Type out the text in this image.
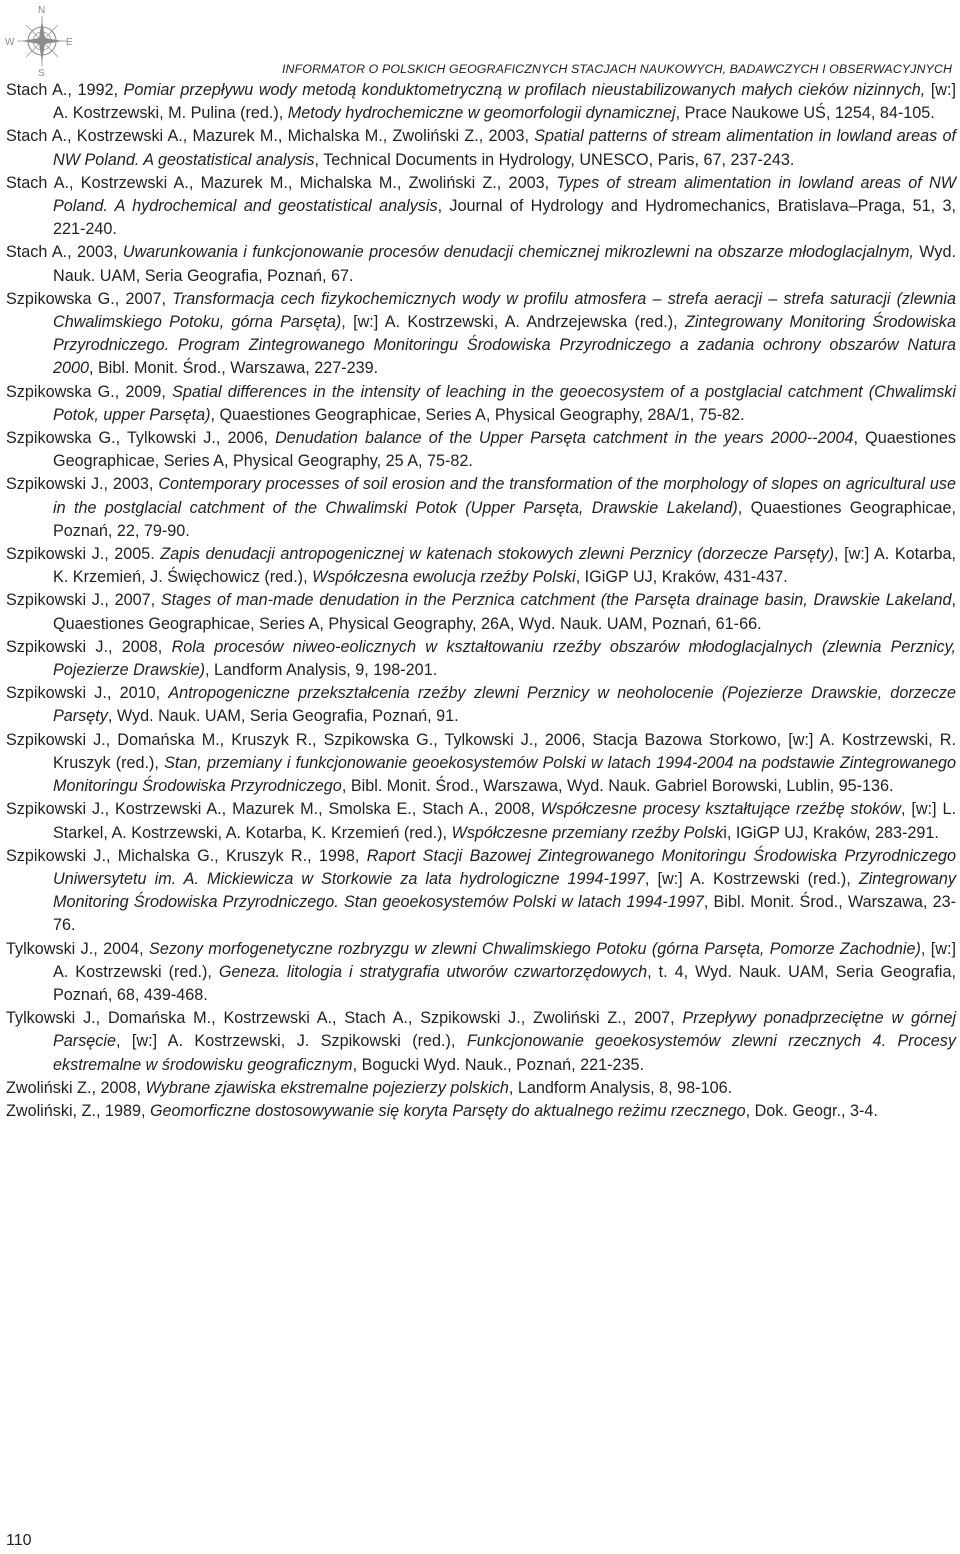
N
W	E
S	INFORMATOR O POLSKICH GEOGRAFICZNYCH STACJACH NAUKOWYCH, BADAWCZYCH I OBSERWACYJNYCH

Stach A., 1992, Pomiar przepływu wody metodą konduktometryczną w profilach nieustabilizowanych małych cieków nizinnych, [w:] A. Kostrzewski, M. Pulina (red.), Metody hydrochemiczne w geomorfologii dynamicznej, Prace Naukowe UŚ, 1254, 84-105.

Stach A., Kostrzewski A., Mazurek M., Michalska M., Zwoliński Z., 2003, Spatial patterns of stream alimentation in lowland areas of NW Poland. A geostatistical analysis, Technical Documents in Hydrology, UNESCO, Paris, 67, 237-243.

Stach A., Kostrzewski A., Mazurek M., Michalska M., Zwoliński Z., 2003, Types of stream alimentation in lowland areas of NW Poland. A hydrochemical and geostatistical analysis, Journal of Hydrology and Hydromechanics, Bratislava–Praga, 51, 3, 221-240.

Stach A., 2003, Uwarunkowania i funkcjonowanie procesów denudacji chemicznej mikrozlewni na obszarze młodoglacjalnym, Wyd. Nauk. UAM, Seria Geografia, Poznań, 67.

Szpikowska G., 2007, Transformacja cech fizykochemicznych wody w profilu atmosfera – strefa aeracji – strefa saturacji (zlewnia Chwalimskiego Potoku, górna Parsęta), [w:] A. Kostrzewski, A. Andrzejewska (red.), Zintegrowany Monitoring Środowiska Przyrodniczego. Program Zintegrowanego Monitoringu Środowiska Przyrodniczego a zadania ochrony obszarów Natura 2000, Bibl. Monit. Środ., Warszawa, 227-239.

Szpikowska G., 2009, Spatial differences in the intensity of leaching in the geoecosystem of a postglacial catchment (Chwalimski Potok, upper Parsęta), Quaestiones Geographicae, Series A, Physical Geography, 28A/1, 75-82.

Szpikowska G., Tylkowski J., 2006, Denudation balance of the Upper Parsęta catchment in the years 2000--2004, Quaestiones Geographicae, Series A, Physical Geography, 25 A, 75-82.

Szpikowski J., 2003, Contemporary processes of soil erosion and the transformation of the morphology of slopes on agricultural use in the postglacial catchment of the Chwalimski Potok (Upper Parsęta, Drawskie Lakeland), Quaestiones Geographicae, Poznań, 22, 79-90.

Szpikowski J., 2005. Zapis denudacji antropogenicznej w katenach stokowych zlewni Perznicy (dorzecze Parsęty), [w:] A. Kotarba, K. Krzemień, J. Święchowicz (red.), Współczesna ewolucja rzeźby Polski, IGiGP UJ, Kraków, 431-437.

Szpikowski J., 2007, Stages of man-made denudation in the Perznica catchment (the Parsęta drainage basin, Drawskie Lakeland, Quaestiones Geographicae, Series A, Physical Geography, 26A, Wyd. Nauk. UAM, Poznań, 61-66.

Szpikowski J., 2008, Rola procesów niweo-eolicznych w kształtowaniu rzeźby obszarów młodoglacjalnych (zlewnia Perznicy, Pojezierze Drawskie), Landform Analysis, 9, 198-201.

Szpikowski J., 2010, Antropogeniczne przekształcenia rzeźby zlewni Perznicy w neoholocenie (Pojezierze Drawskie, dorzecze Parsęty, Wyd. Nauk. UAM, Seria Geografia, Poznań, 91.

Szpikowski J., Domańska M., Kruszyk R., Szpikowska G., Tylkowski J., 2006, Stacja Bazowa Storkowo, [w:] A. Kostrzewski, R. Kruszyk (red.), Stan, przemiany i funkcjonowanie geoekosystemów Polski w latach 1994-2004 na podstawie Zintegrowanego Monitoringu Środowiska Przyrodniczego, Bibl. Monit. Środ., Warszawa, Wyd. Nauk. Gabriel Borowski, Lublin, 95-136.

Szpikowski J., Kostrzewski A., Mazurek M., Smolska E., Stach A., 2008, Współczesne procesy kształtujące rzeźbę stoków, [w:] L. Starkel, A. Kostrzewski, A. Kotarba, K. Krzemień (red.), Współczesne przemiany rzeźby Polski, IGiGP UJ, Kraków, 283-291.

Szpikowski J., Michalska G., Kruszyk R., 1998, Raport Stacji Bazowej Zintegrowanego Monitoringu Środowiska Przyrodniczego Uniwersytetu im. A. Mickiewicza w Storkowie za lata hydrologiczne 1994-1997, [w:] A. Kostrzewski (red.), Zintegrowany Monitoring Środowiska Przyrodniczego. Stan geoekosystemów Polski w latach 1994-1997, Bibl. Monit. Środ., Warszawa, 23-76.

Tylkowski J., 2004, Sezony morfogenetyczne rozbryzgu w zlewni Chwalimskiego Potoku (górna Parsęta, Pomorze Zachodnie), [w:] A. Kostrzewski (red.), Geneza. litologia i stratygrafia utworów czwartorzędowych, t. 4, Wyd. Nauk. UAM, Seria Geografia, Poznań, 68, 439-468.

Tylkowski J., Domańska M., Kostrzewski A., Stach A., Szpikowski J., Zwoliński Z., 2007, Przepływy ponadprzeciętne w górnej Parsęcie, [w:] A. Kostrzewski, J. Szpikowski (red.), Funkcjonowanie geoekosystemów zlewni rzecznych 4. Procesy ekstremalne w środowisku geograficznym, Bogucki Wyd. Nauk., Poznań, 221-235.

Zwoliński Z., 2008, Wybrane zjawiska ekstremalne pojezierzy polskich, Landform Analysis, 8, 98-106.

Zwoliński, Z., 1989, Geomorficzne dostosowywanie się koryta Parsęty do aktualnego reżimu rzecznego, Dok. Geogr., 3-4.

110
